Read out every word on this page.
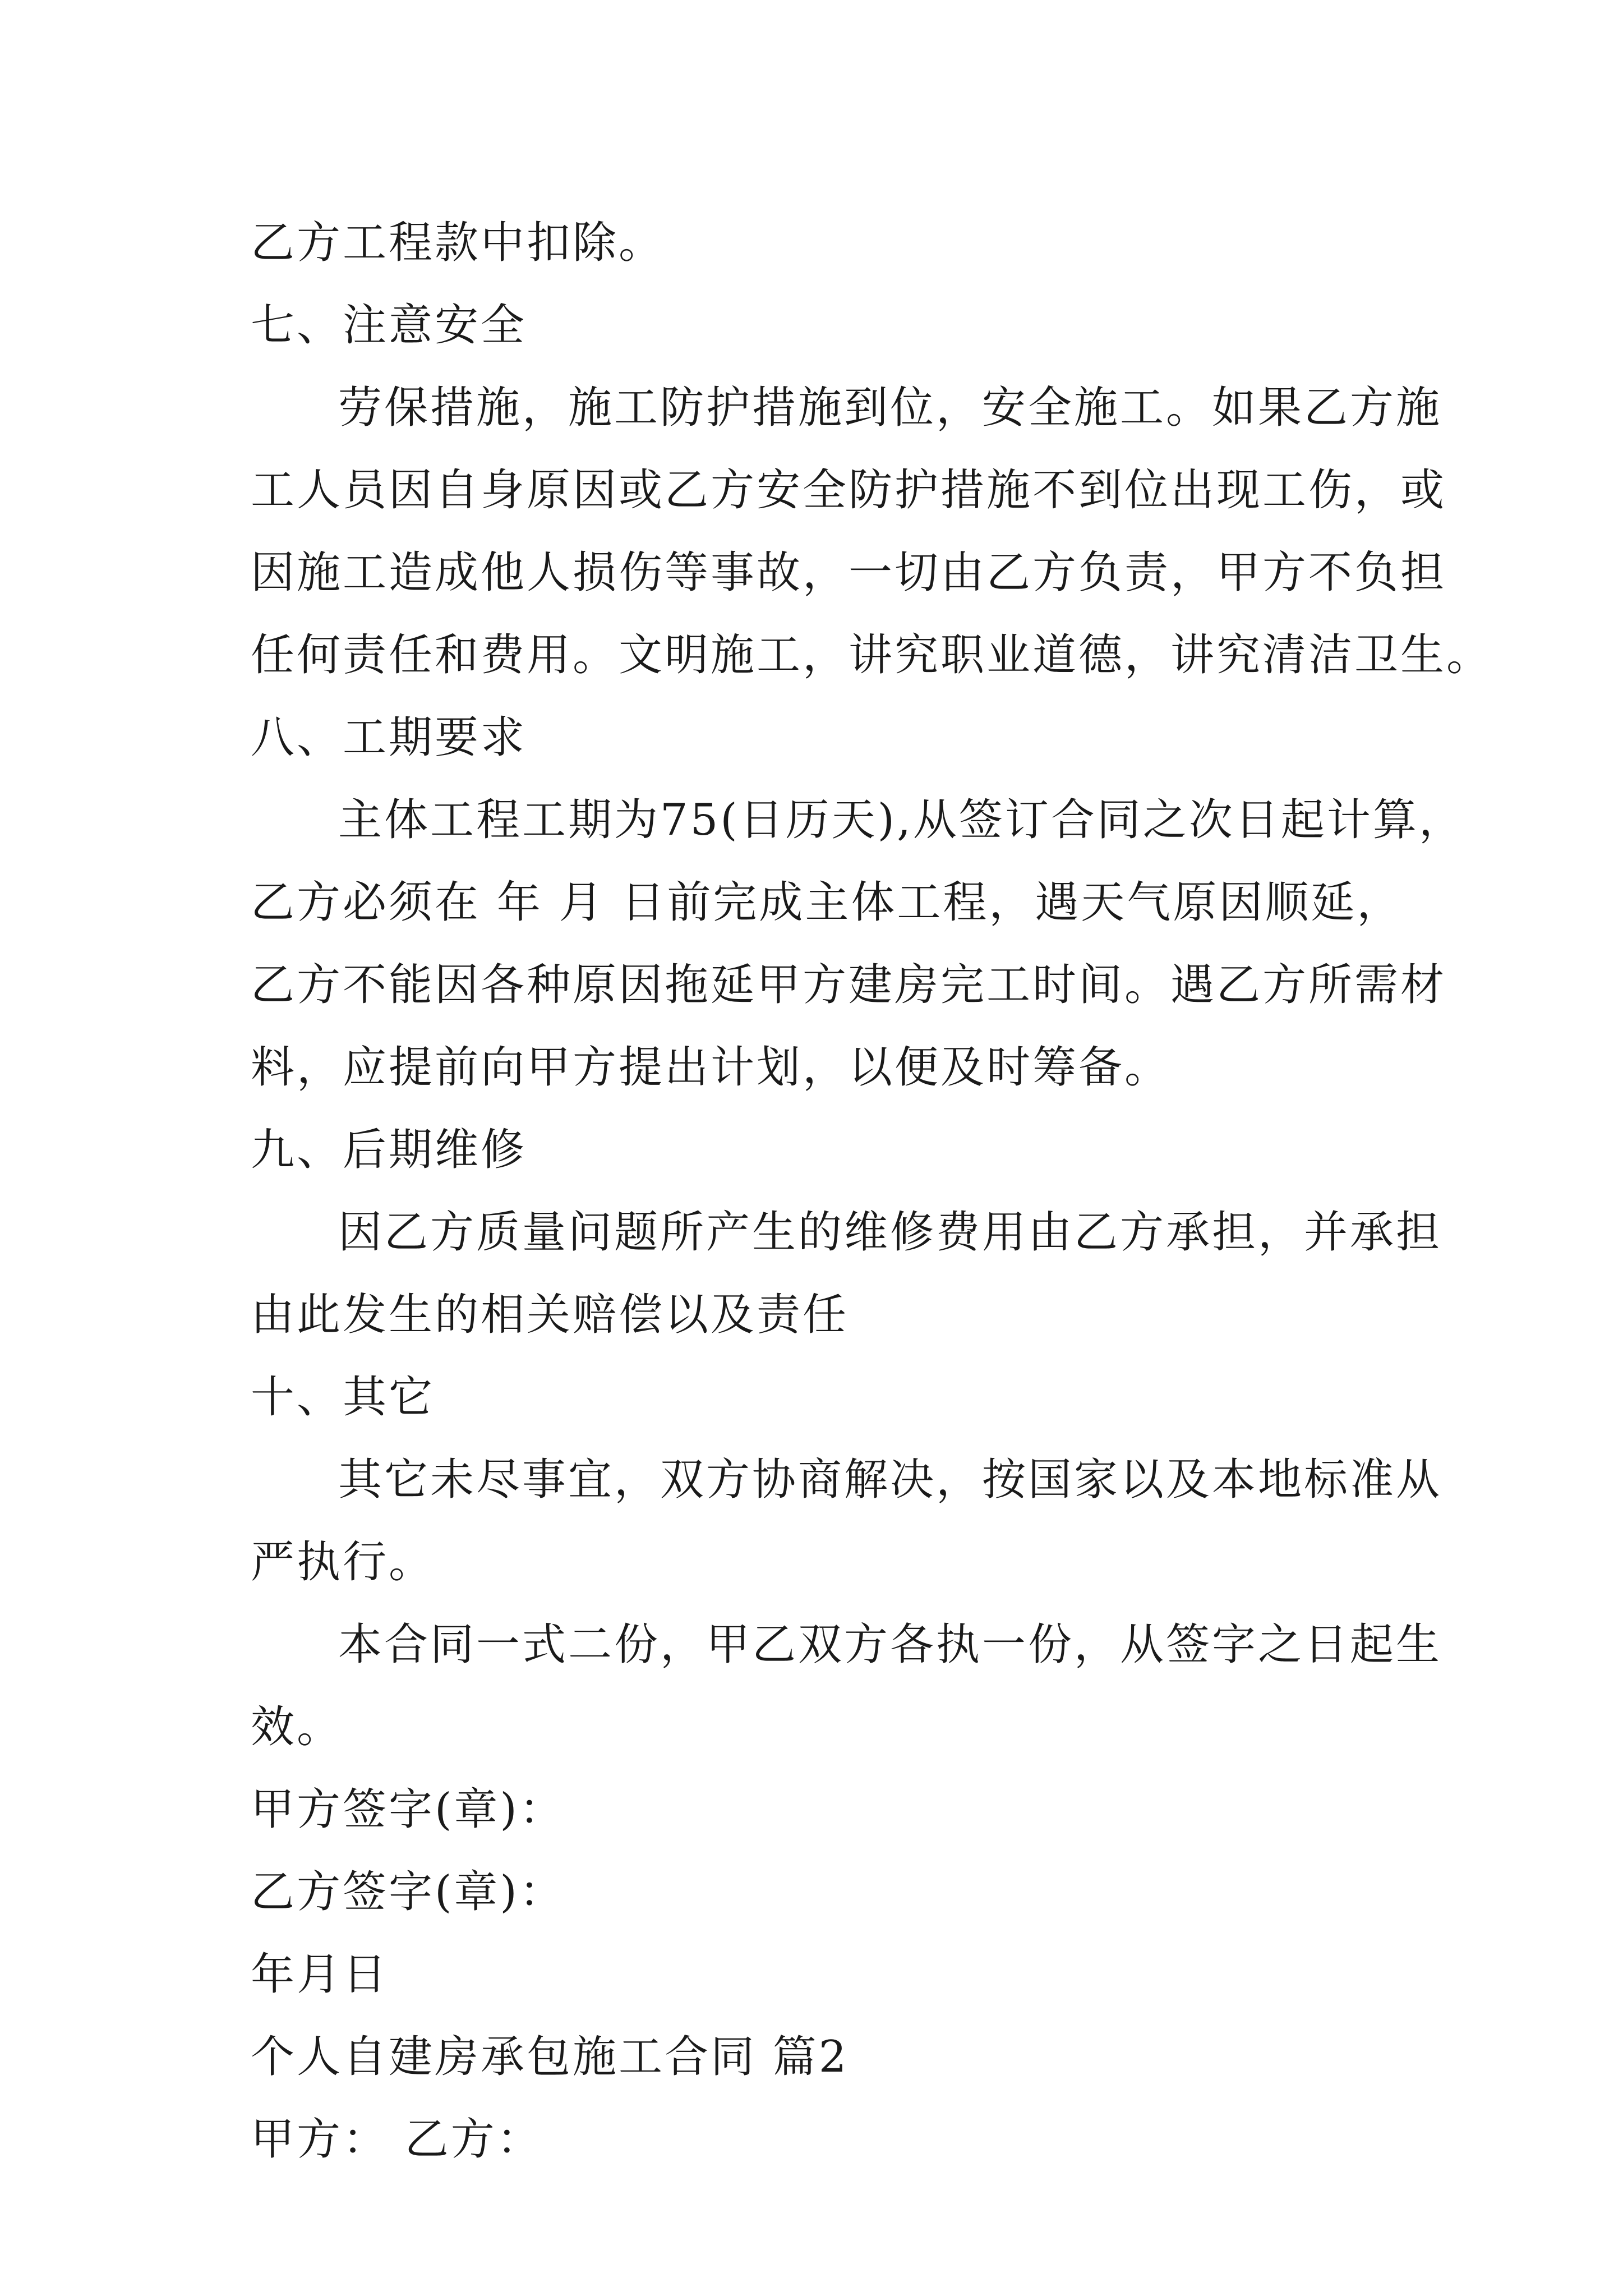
乙方工程款中扣除。

七、注意安全

劳保措施，施工防护措施到位，安全施工。如果乙方施
工人员因自身原因或乙方安全防护措施不到位出现工伤，或
因施工造成他人损伤等事故，一切由乙方负责，甲方不负担
任何责任和费用。文明施工，讲究职业道德，讲究清洁卫生。

八、工期要求

主体工程工期为75(日历天),从签订合同之次日起计算，
乙方必须在 年 月 日前完成主体工程，遇天气原因顺延，
乙方不能因各种原因拖延甲方建房完工时间。遇乙方所需材
料，应提前向甲方提出计划，以便及时筹备。

九、后期维修

因乙方质量问题所产生的维修费用由乙方承担，并承担
由此发生的相关赔偿以及责任

十、其它

其它未尽事宜，双方协商解决，按国家以及本地标准从
严执行。

本合同一式二份，甲乙双方各执一份，从签字之日起生
效。

甲方签字(章)：

乙方签字(章)：

年月日

个人自建房承包施工合同 篇2

甲方： 乙方：
